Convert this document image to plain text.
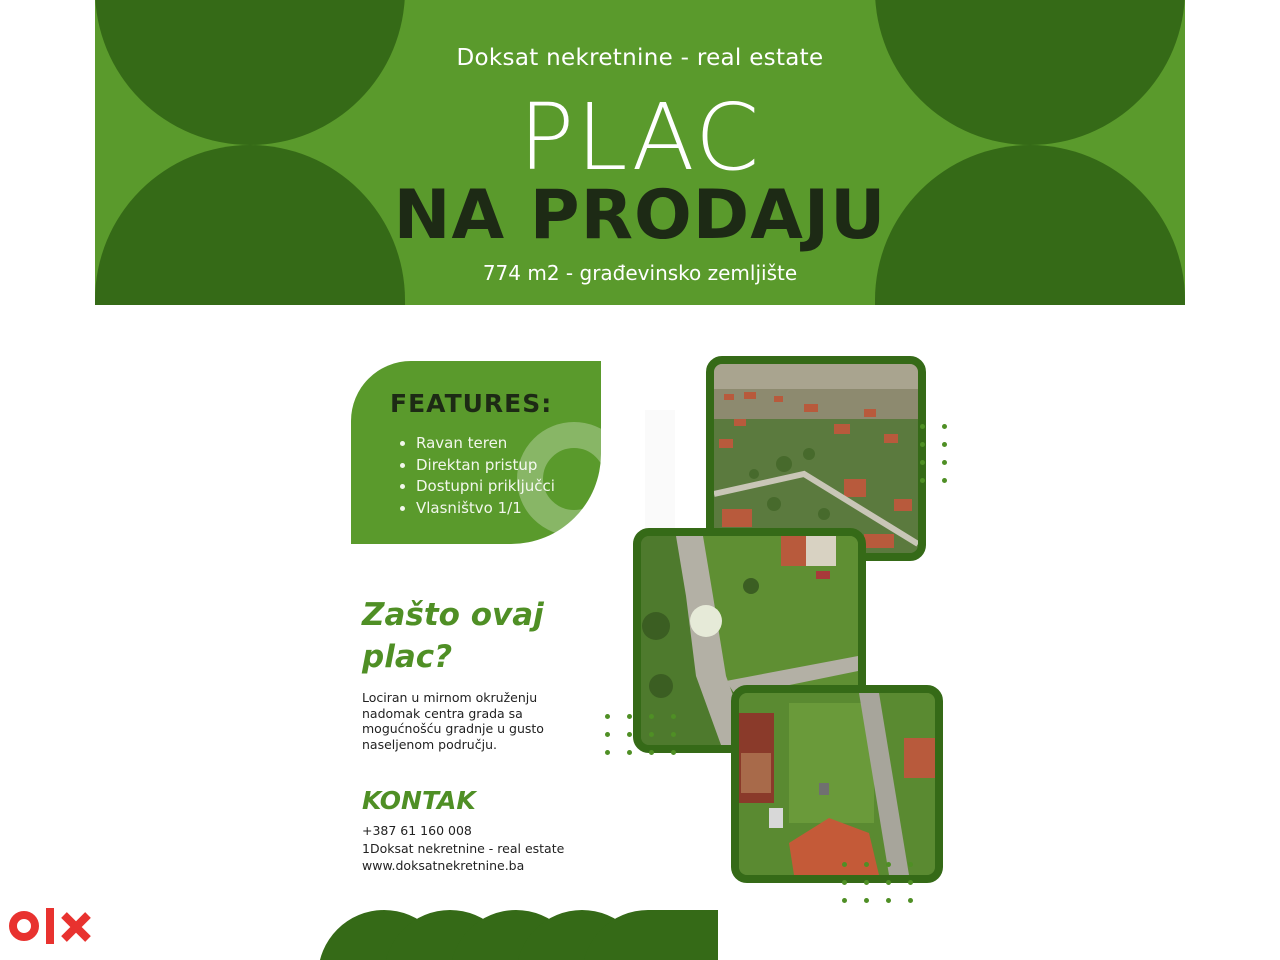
Doksat nekretnine - real estate
PLAC
NA PRODAJU
774 m2 - građevinsko zemljište
FEATURES:
• Ravan teren
• Direktan pristup
• Dostupni priključci
• Vlasništvo 1/1
Zašto ovaj
plac?

Lociran u mirnom okruženju nadomak centra grada sa mogućnošću gradnje u gusto naseljenom području.

KONTAK
+387 61 160 008
1Doksat nekretnine - real estate
www.doksatnekretnine.ba
